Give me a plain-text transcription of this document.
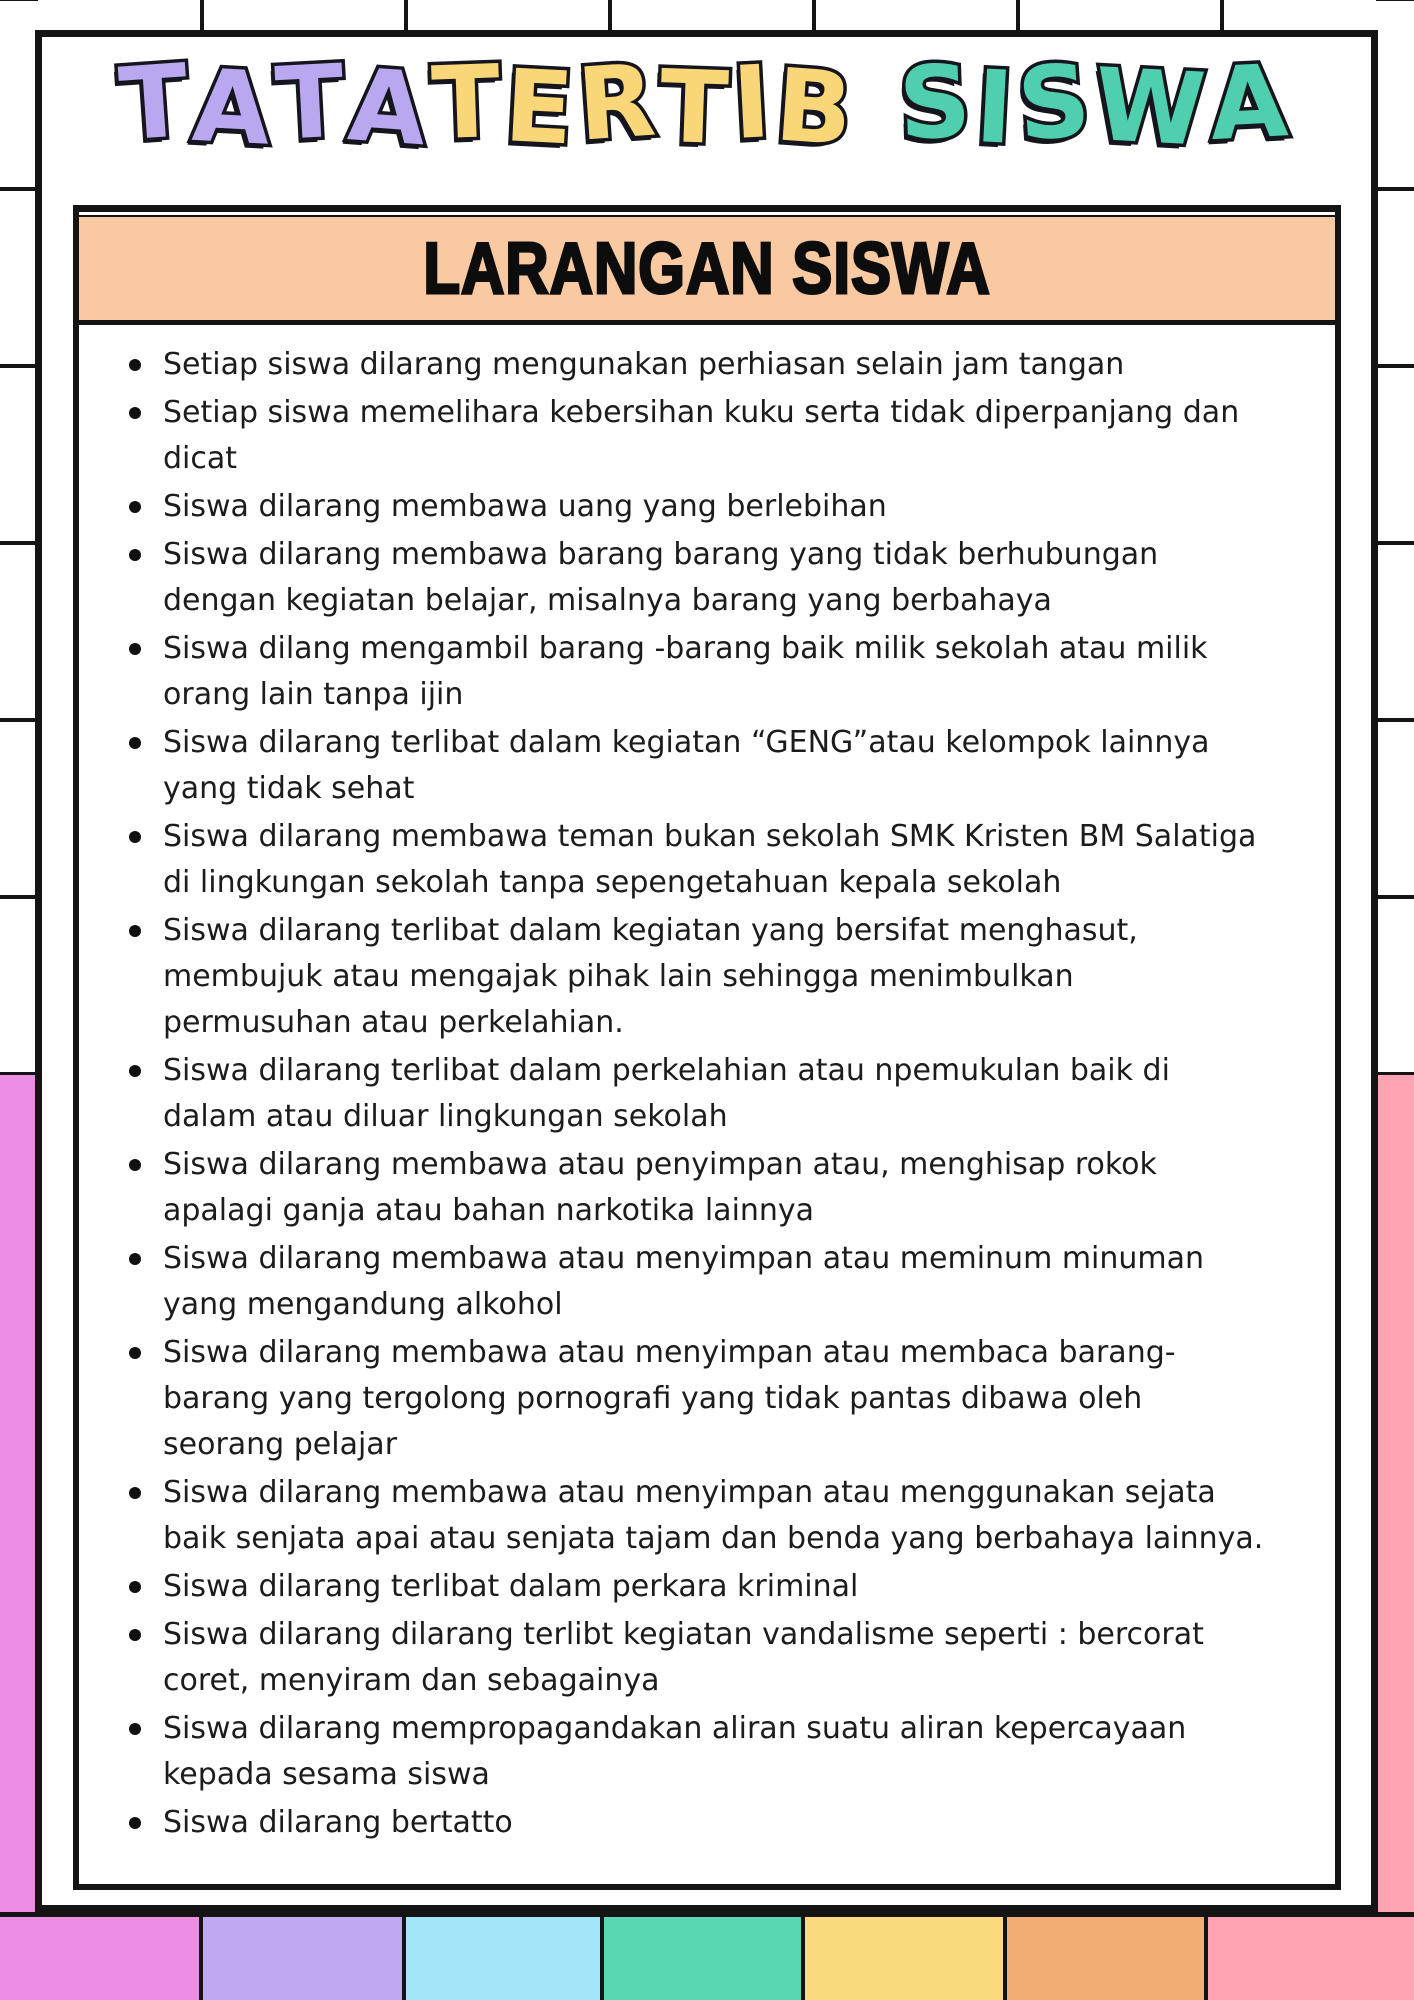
TATATERTIB SISWA
LARANGAN SISWA
Setiap siswa dilarang mengunakan perhiasan selain jam tangan
Setiap siswa memelihara kebersihan kuku serta tidak diperpanjang dan dicat
Siswa dilarang membawa uang yang berlebihan
Siswa dilarang membawa barang barang yang tidak berhubungan dengan kegiatan belajar, misalnya barang yang berbahaya
Siswa dilang mengambil barang -barang baik milik sekolah atau milik orang lain tanpa ijin
Siswa dilarang terlibat dalam kegiatan “GENG”atau kelompok lainnya yang tidak sehat
Siswa dilarang membawa teman bukan sekolah SMK Kristen BM Salatiga di lingkungan sekolah tanpa sepengetahuan kepala sekolah
Siswa dilarang terlibat dalam kegiatan yang bersifat menghasut, membujuk atau mengajak pihak lain sehingga menimbulkan permusuhan atau perkelahian.
Siswa dilarang terlibat dalam perkelahian atau npemukulan baik di dalam atau diluar lingkungan sekolah
Siswa dilarang membawa atau penyimpan atau, menghisap rokok apalagi ganja atau bahan narkotika lainnya
Siswa dilarang membawa atau menyimpan atau meminum minuman yang mengandung alkohol
Siswa dilarang membawa atau menyimpan atau membaca barang-barang yang tergolong pornografi yang tidak pantas dibawa oleh seorang pelajar
Siswa dilarang membawa atau menyimpan atau menggunakan sejata baik senjata apai atau senjata tajam dan benda yang berbahaya lainnya.
Siswa dilarang terlibat dalam perkara kriminal
Siswa dilarang dilarang terlibt kegiatan vandalisme seperti : bercorat coret, menyiram dan sebagainya
Siswa dilarang mempropagandakan aliran suatu aliran kepercayaan kepada sesama siswa
Siswa dilarang bertatto
